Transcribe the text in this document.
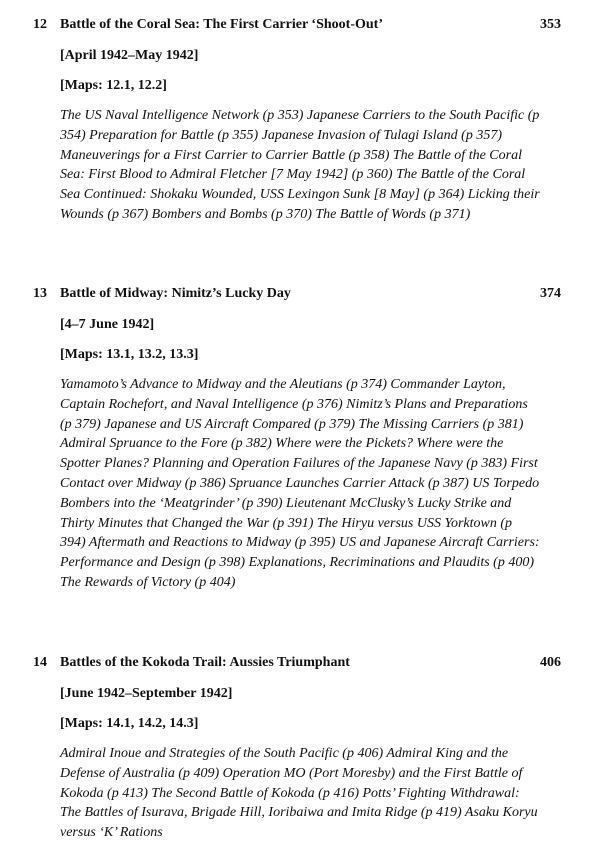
12 Battle of the Coral Sea: The First Carrier ‘Shoot-Out’	353
[April 1942–May 1942]
[Maps: 12.1, 12.2]
The US Naval Intelligence Network (p 353) Japanese Carriers to the South Pacific (p 354) Preparation for Battle (p 355) Japanese Invasion of Tulagi Island (p 357) Maneuverings for a First Carrier to Carrier Battle (p 358) The Battle of the Coral Sea: First Blood to Admiral Fletcher [7 May 1942] (p 360) The Battle of the Coral Sea Continued: Shokaku Wounded, USS Lexingon Sunk [8 May] (p 364) Licking their Wounds (p 367) Bombers and Bombs (p 370) The Battle of Words (p 371)
13 Battle of Midway: Nimitz’s Lucky Day	374
[4–7 June 1942]
[Maps: 13.1, 13.2, 13.3]
Yamamoto’s Advance to Midway and the Aleutians (p 374) Commander Layton, Captain Rochefort, and Naval Intelligence (p 376) Nimitz’s Plans and Preparations (p 379) Japanese and US Aircraft Compared (p 379) The Missing Carriers (p 381) Admiral Spruance to the Fore (p 382) Where were the Pickets? Where were the Spotter Planes? Planning and Operation Failures of the Japanese Navy (p 383) First Contact over Midway (p 386) Spruance Launches Carrier Attack (p 387) US Torpedo Bombers into the ‘Meatgrinder’ (p 390) Lieutenant McClusky’s Lucky Strike and Thirty Minutes that Changed the War (p 391) The Hiryu versus USS Yorktown (p 394) Aftermath and Reactions to Midway (p 395) US and Japanese Aircraft Carriers: Performance and Design (p 398) Explanations, Recriminations and Plaudits (p 400) The Rewards of Victory (p 404)
14 Battles of the Kokoda Trail: Aussies Triumphant	406
[June 1942–September 1942]
[Maps: 14.1, 14.2, 14.3]
Admiral Inoue and Strategies of the South Pacific (p 406) Admiral King and the Defense of Australia (p 409) Operation MO (Port Moresby) and the First Battle of Kokoda (p 413) The Second Battle of Kokoda (p 416) Potts’ Fighting Withdrawal: The Battles of Isurava, Brigade Hill, Ioribaiwa and Imita Ridge (p 419) Asaku Koryu versus ‘K’ Rations
